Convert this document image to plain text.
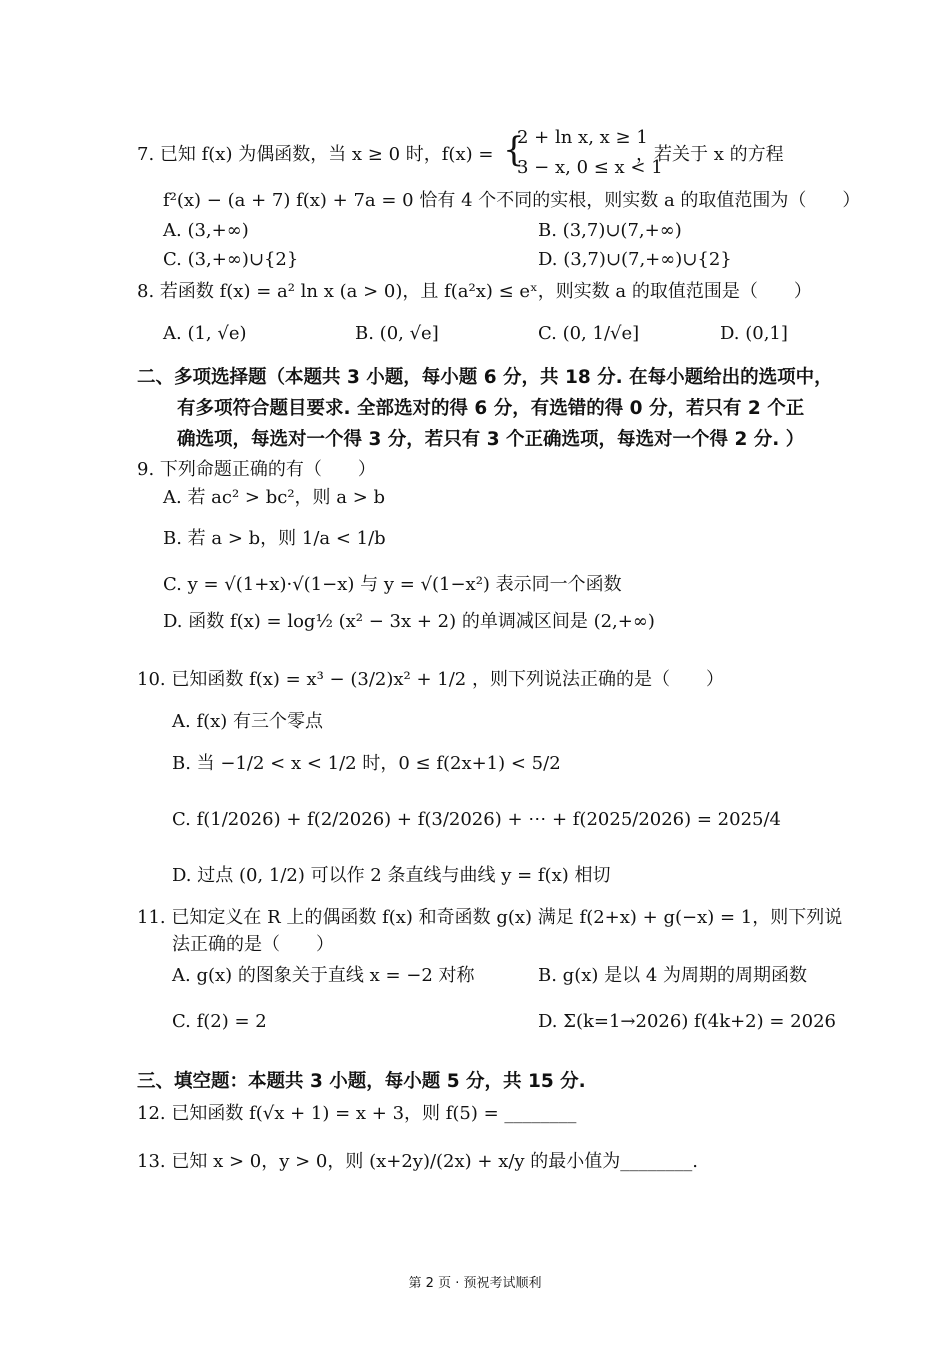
7. 已知 f(x) 为偶函数，当 x ≥ 0 时，f(x) = {
2 + ln x, x ≥ 1
3 − x, 0 ≤ x < 1
，若关于 x 的方程
f²(x) − (a + 7) f(x) + 7a = 0 恰有 4 个不同的实根，则实数 a 的取值范围为（　　）
A. (3,+∞)	B. (3,7)∪(7,+∞)
C. (3,+∞)∪{2}	D. (3,7)∪(7,+∞)∪{2}
8. 若函数 f(x) = a² ln x (a > 0)，且 f(a²x) ≤ eˣ，则实数 a 的取值范围是（　　）
A. (1, √e)	B. (0, √e]	C. (0, 1/√e]	D. (0,1]
二、多项选择题（本题共 3 小题，每小题 6 分，共 18 分. 在每小题给出的选项中，
有多项符合题目要求. 全部选对的得 6 分，有选错的得 0 分，若只有 2 个正
确选项，每选对一个得 3 分，若只有 3 个正确选项，每选对一个得 2 分. ）
9. 下列命题正确的有（　　）
A. 若 ac² > bc²，则 a > b
B. 若 a > b，则 1/a < 1/b
C. y = √(1+x)·√(1−x) 与 y = √(1−x²) 表示同一个函数
D. 函数 f(x) = log½ (x² − 3x + 2) 的单调减区间是 (2,+∞)
10. 已知函数 f(x) = x³ − (3/2)x² + 1/2 ，则下列说法正确的是（　　）
A. f(x) 有三个零点
B. 当 −1/2 < x < 1/2 时，0 ≤ f(2x+1) < 5/2
C. f(1/2026) + f(2/2026) + f(3/2026) + ⋯ + f(2025/2026) = 2025/4
D. 过点 (0, 1/2) 可以作 2 条直线与曲线 y = f(x) 相切
11. 已知定义在 R 上的偶函数 f(x) 和奇函数 g(x) 满足 f(2+x) + g(−x) = 1，则下列说
法正确的是（　　）
A. g(x) 的图象关于直线 x = −2 对称	B. g(x) 是以 4 为周期的周期函数
C. f(2) = 2	D. Σ(k=1→2026) f(4k+2) = 2026
三、填空题：本题共 3 小题，每小题 5 分，共 15 分.
12. 已知函数 f(√x + 1) = x + 3，则 f(5) = ________
13. 已知 x > 0，y > 0，则 (x+2y)/(2x) + x/y 的最小值为________.
第 2 页 · 预祝考试顺利
